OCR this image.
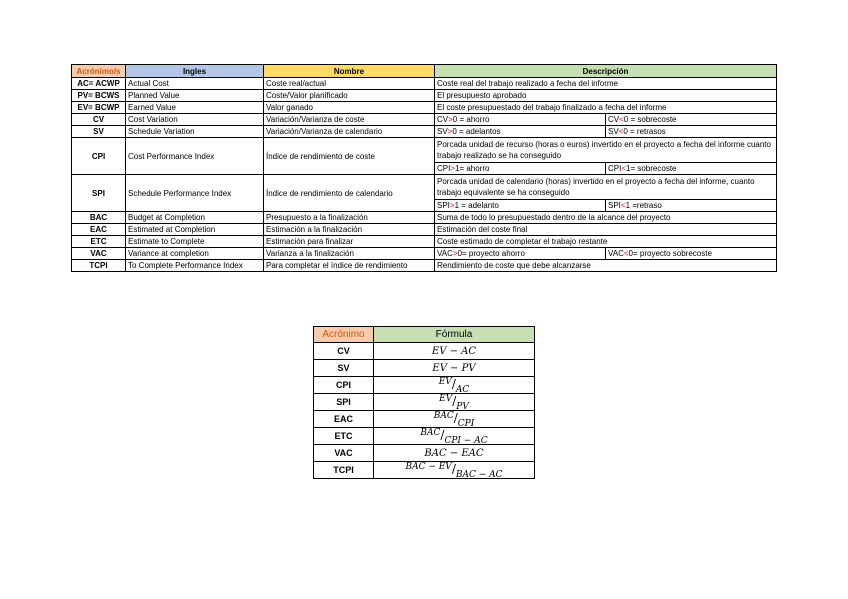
Acrónimo/s	Ingles	Nombre	Descripción	
AC= ACWP	Actual Cost	Coste real/actual	Coste real del trabajo realizado a fecha del informe	
PV= BCWS	Planned Value	Coste/Valor planificado	El presupuesto aprobado	
EV= BCWP	Earned Value	Valor ganado	El coste presupuestado del trabajo finalizado a fecha del informe	
CV	Cost Variation	Variación/Varianza de coste	CV>0 = ahorro	CV<0 = sobrecoste
SV	Schedule Variation	Variación/Varianza de calendario	SV>0 = adelantos	SV<0 = retrasos
CPI	Cost Performance Index	Índice de rendimiento de coste	Porcada unidad de recurso (horas o euros) invertido en el proyecto a fecha del informe cuanto trabajo realizado se ha conseguido	
			CPI>1= ahorro	CPI<1= sobrecoste
SPI	Schedule Performance Index	Índice de rendimiento de calendario	Porcada unidad de calendario (horas) invertido en el proyecto a fecha del informe, cuanto trabajo equivalente se ha conseguido	
			SPI>1 = adelanto	SPI<1 =retraso
BAC	Budget at Completion	Presupuesto a la finalización	Suma de todo lo presupuestado dentro de la alcance del proyecto	
EAC	Estimated at Completion	Estimación a la finalización	Estimación del coste final	
ETC	Estimate to Complete	Estimación para finalizar	Coste estimado de completar el trabajo restante	
VAC	Variance at completion	Varianza a la finalización	VAC>0= proyecto ahorro	VAC<0= proyecto sobrecoste
TCPI	To Complete Performance Index	Para completar el índice de rendimiento	Rendimiento de coste que debe alcanzarse	
Acrónimo	Fórmula
CV	EV − AC
SV	EV − PV
CPI	EV/AC
SPI	EV/PV
EAC	BAC/CPI
ETC	BAC/CPI − AC
VAC	BAC − EAC
TCPI	BAC − EV/BAC − AC
